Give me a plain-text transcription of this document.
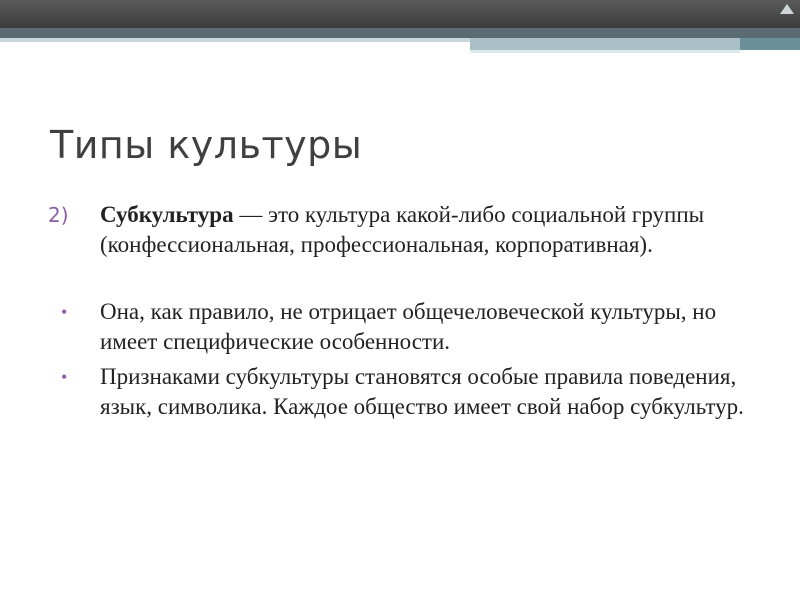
Типы культуры
2)	Субкультура — это культура какой-либо социальной группы (конфессиональная, профессиональная, корпоративная).
•	Она, как правило, не отрицает общечеловеческой культуры, но имеет специфические особенности.
•	Признаками субкультуры становятся особые правила поведения, язык, символика. Каждое общество имеет свой набор субкультур.
